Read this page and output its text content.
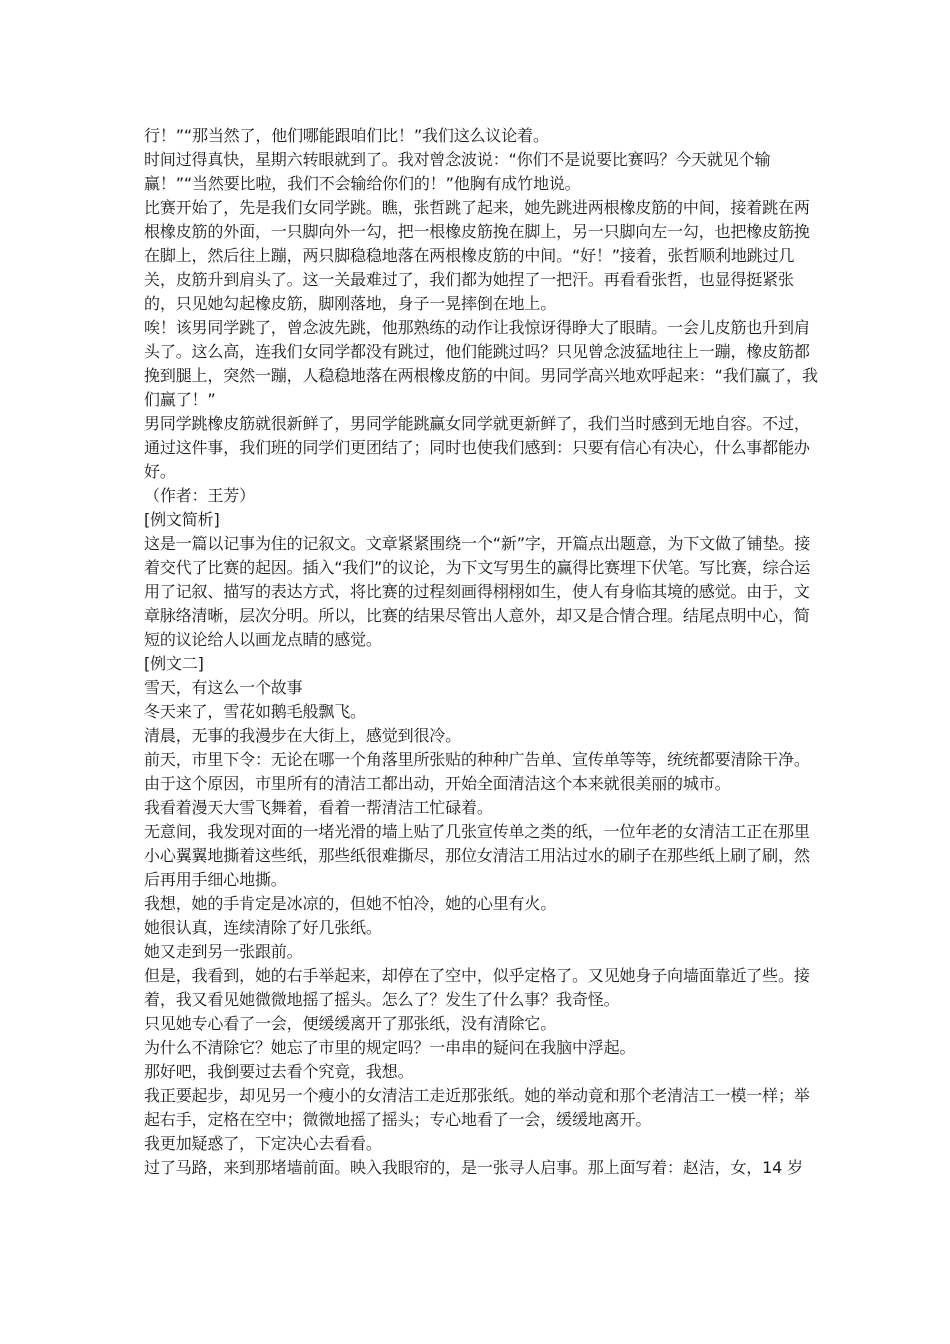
行！”“那当然了，他们哪能跟咱们比！”我们这么议论着。

时间过得真快，星期六转眼就到了。我对曾念波说：“你们不是说要比赛吗？今天就见个输赢！”“当然要比啦，我们不会输给你们的！”他胸有成竹地说。

比赛开始了，先是我们女同学跳。瞧，张哲跳了起来，她先跳进两根橡皮筋的中间，接着跳在两根橡皮筋的外面，一只脚向外一勾，把一根橡皮筋挽在脚上，另一只脚向左一勾，也把橡皮筋挽在脚上，然后往上蹦，两只脚稳稳地落在两根橡皮筋的中间。“好！”接着，张哲顺利地跳过几关，皮筋升到肩头了。这一关最难过了，我们都为她捏了一把汗。再看看张哲，也显得挺紧张的，只见她勾起橡皮筋，脚刚落地，身子一晃摔倒在地上。

唉！该男同学跳了，曾念波先跳，他那熟练的动作让我惊讶得睁大了眼睛。一会儿皮筋也升到肩头了。这么高，连我们女同学都没有跳过，他们能跳过吗？只见曾念波猛地往上一蹦，橡皮筋都挽到腿上，突然一蹦，人稳稳地落在两根橡皮筋的中间。男同学高兴地欢呼起来：“我们赢了，我们赢了！”

男同学跳橡皮筋就很新鲜了，男同学能跳赢女同学就更新鲜了，我们当时感到无地自容。不过，通过这件事，我们班的同学们更团结了；同时也使我们感到：只要有信心有决心，什么事都能办好。

（作者：王芳）

[例文简析]

这是一篇以记事为住的记叙文。文章紧紧围绕一个“新”字，开篇点出题意，为下文做了铺垫。接着交代了比赛的起因。插入“我们”的议论，为下文写男生的赢得比赛埋下伏笔。写比赛，综合运用了记叙、描写的表达方式，将比赛的过程刻画得栩栩如生，使人有身临其境的感觉。由于，文章脉络清晰，层次分明。所以，比赛的结果尽管出人意外，却又是合情合理。结尾点明中心，简短的议论给人以画龙点睛的感觉。

[例文二]

雪天，有这么一个故事

冬天来了，雪花如鹅毛般飘飞。

清晨，无事的我漫步在大街上，感觉到很冷。

前天，市里下令：无论在哪一个角落里所张贴的种种广告单、宣传单等等，统统都要清除干净。由于这个原因，市里所有的清洁工都出动，开始全面清洁这个本来就很美丽的城市。

我看着漫天大雪飞舞着，看着一帮清洁工忙碌着。

无意间，我发现对面的一堵光滑的墙上贴了几张宣传单之类的纸，一位年老的女清洁工正在那里小心翼翼地撕着这些纸，那些纸很难撕尽，那位女清洁工用沾过水的刷子在那些纸上刷了刷，然后再用手细心地撕。

我想，她的手肯定是冰凉的，但她不怕冷，她的心里有火。

她很认真，连续清除了好几张纸。

她又走到另一张跟前。

但是，我看到，她的右手举起来，却停在了空中，似乎定格了。又见她身子向墙面靠近了些。接着，我又看见她微微地摇了摇头。怎么了？发生了什么事？我奇怪。

只见她专心看了一会，便缓缓离开了那张纸，没有清除它。

为什么不清除它？她忘了市里的规定吗？一串串的疑问在我脑中浮起。

那好吧，我倒要过去看个究竟，我想。

我正要起步，却见另一个瘦小的女清洁工走近那张纸。她的举动竟和那个老清洁工一模一样；举起右手，定格在空中；微微地摇了摇头；专心地看了一会，缓缓地离开。

我更加疑惑了，下定决心去看看。

过了马路，来到那堵墙前面。映入我眼帘的，是一张寻人启事。那上面写着：赵洁，女，14 岁
